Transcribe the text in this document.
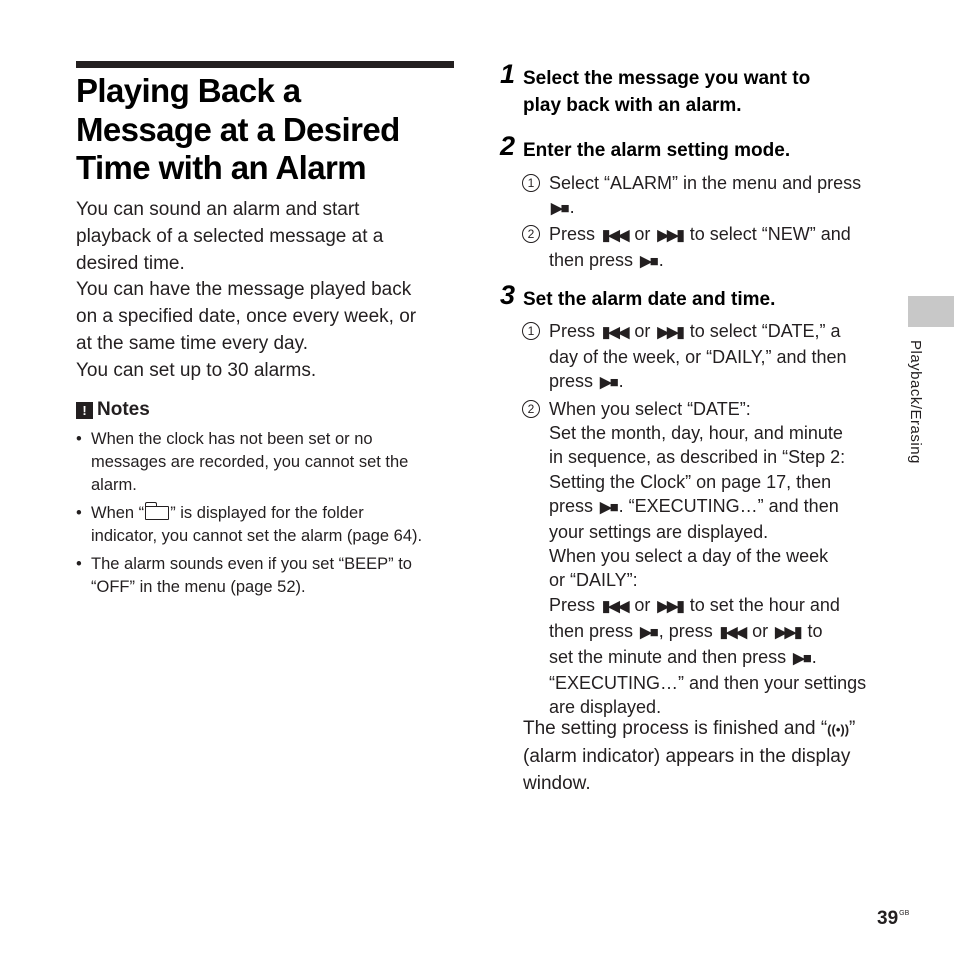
Playing Back a
Message at a Desired
Time with an Alarm
You can sound an alarm and start
playback of a selected message at a
desired time.
You can have the message played back
on a specified date, once every week, or
at the same time every day.
You can set up to 30 alarms.
! Notes
• When the clock has not been set or no
messages are recorded, you cannot set the
alarm.
• When “ ” is displayed for the folder
indicator, you cannot set the alarm (page 64).
• The alarm sounds even if you set “BEEP” to
“OFF” in the menu (page 52).
1 Select the message you want to
play back with an alarm.
2 Enter the alarm setting mode.
1 Select “ALARM” in the menu and press
▶■ .
2 Press ▮◀◀ or ▶▶▮ to select “NEW” and
then press ▶■ .
3 Set the alarm date and time.
1 Press ▮◀◀ or ▶▶▮ to select “DATE,” a
day of the week, or “DAILY,” and then
press ▶■ .
2 When you select “DATE”:
Set the month, day, hour, and minute
in sequence, as described in “Step 2:
Setting the Clock” on page 17, then
press ▶■ . “EXECUTING…” and then
your settings are displayed.
When you select a day of the week
or “DAILY”:
Press ▮◀◀ or ▶▶▮ to set the hour and
then press ▶■ , press ▮◀◀ or ▶▶▮ to
set the minute and then press ▶■ .
“EXECUTING…” and then your settings
are displayed.
The setting process is finished and “((•))”
(alarm indicator) appears in the display
window.
Playback/Erasing
$39^{GB}$
